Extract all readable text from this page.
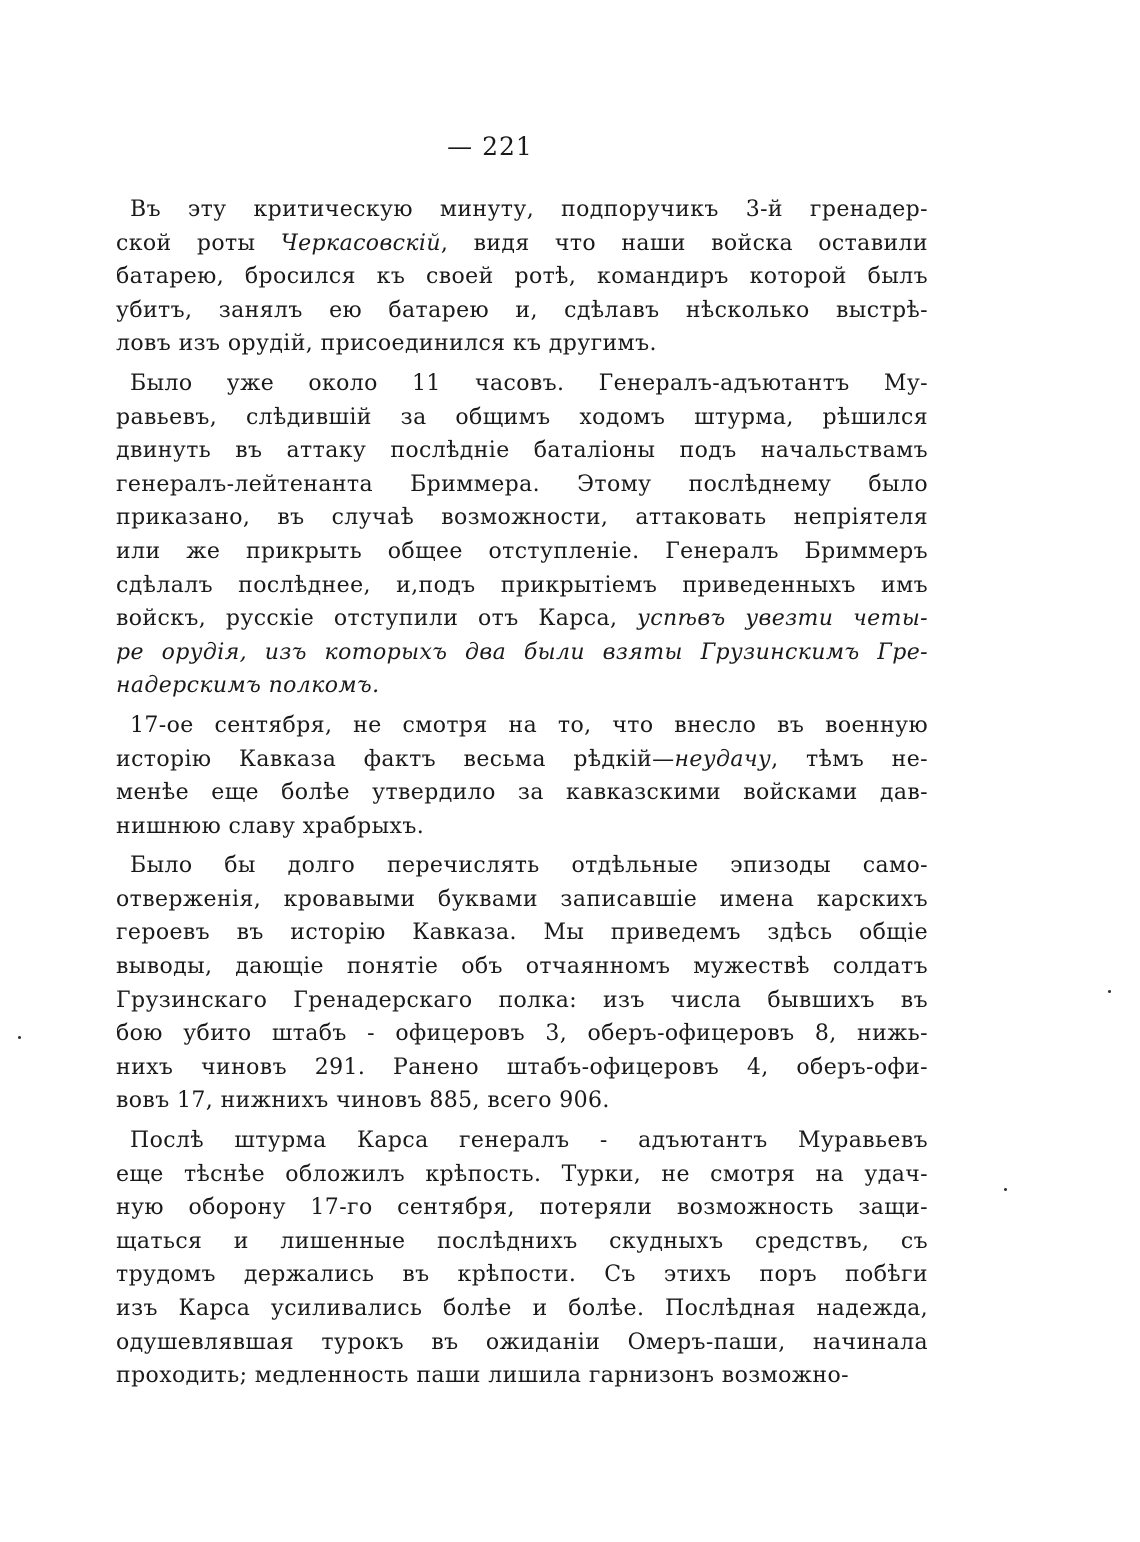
— 221
Въ эту критическую минуту, подпоручикъ 3-й гренадер-
ской роты Черкасовскій, видя что наши войска оставили
батарею, бросился къ своей ротѣ, командиръ которой былъ
убитъ, занялъ ею батарею и, сдѣлавъ нѣсколько выстрѣ-
ловъ изъ орудій, присоединился къ другимъ.
Было уже около 11 часовъ. Генералъ-адъютантъ Му-
равьевъ, слѣдившій за общимъ ходомъ штурма, рѣшился
двинуть въ аттаку послѣдніе баталіоны подъ начальствамъ
генералъ-лейтенанта Бриммера. Этому послѣднему было
приказано, въ случаѣ возможности, аттаковать непріятеля
или же прикрыть общее отступленіе. Генералъ Бриммеръ
сдѣлалъ послѣднее, и,подъ прикрытіемъ приведенныхъ имъ
войскъ, русскіе отступили отъ Карса, успѣвъ увезти четы-
ре орудія, изъ которыхъ два были взяты Грузинскимъ Гре-
надерскимъ полкомъ.
17-ое сентября, не смотря на то, что внесло въ военную
исторію Кавказа фактъ весьма рѣдкій—неудачу, тѣмъ не-
менѣе еще болѣе утвердило за кавказскими войсками дав-
нишнюю славу храбрыхъ.
Было бы долго перечислять отдѣльные эпизоды само-
отверженія, кровавыми буквами записавшіе имена карскихъ
героевъ въ исторію Кавказа. Мы приведемъ здѣсь общіе
выводы, дающіе понятіе объ отчаянномъ мужествѣ солдатъ
Грузинскаго Гренадерскаго полка: изъ числа бывшихъ въ
бою убито штабъ - офицеровъ 3, оберъ-офицеровъ 8, нижь-
нихъ чиновъ 291. Ранено штабъ-офицеровъ 4, оберъ-офи-
вовъ 17, нижнихъ чиновъ 885, всего 906.
Послѣ штурма Карса генералъ - адъютантъ Муравьевъ
еще тѣснѣе обложилъ крѣпость. Турки, не смотря на удач-
ную оборону 17-го сентября, потеряли возможность защи-
щаться и лишенные послѣднихъ скудныхъ средствъ, съ
трудомъ держались въ крѣпости. Съ этихъ поръ побѣги
изъ Карса усиливались болѣе и болѣе. Послѣдная надежда,
одушевлявшая турокъ въ ожиданіи Омеръ-паши, начинала
проходить; медленность паши лишила гарнизонъ возможно-
